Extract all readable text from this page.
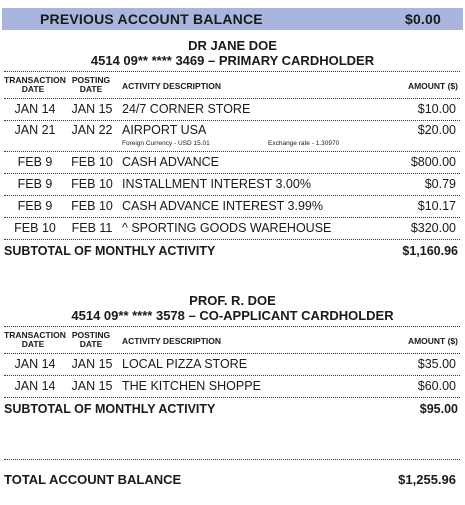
PREVIOUS ACCOUNT BALANCE	$0.00
DR JANE DOE
4514 09** **** 3469 – PRIMARY CARDHOLDER
TRANSACTION
DATE
POSTING
DATE	ACTIVITY DESCRIPTION	AMOUNT ($)
JAN 14	JAN 15 24/7 CORNER STORE	$10.00
JAN 21	JAN 22 AIRPORT USA	$20.00
Foreign Currency - USD 15.01	Exchange rate - 1.30970
FEB 9	FEB 10 CASH ADVANCE	$800.00
FEB 9	FEB 10 INSTALLMENT INTEREST 3.00%	$0.79
FEB 9	FEB 10 CASH ADVANCE INTEREST 3.99%	$10.17
FEB 10	FEB 11 ^ SPORTING GOODS WAREHOUSE	$320.00
SUBTOTAL OF MONTHLY ACTIVITY	$1,160.96
PROF. R. DOE
4514 09** **** 3578 – CO-APPLICANT CARDHOLDER
TRANSACTION
DATE
POSTING
DATE	ACTIVITY DESCRIPTION	AMOUNT ($)
JAN 14	JAN 15 LOCAL PIZZA STORE	$35.00
JAN 14	JAN 15 THE KITCHEN SHOPPE	$60.00
SUBTOTAL OF MONTHLY ACTIVITY	$95.00
TOTAL ACCOUNT BALANCE	$1,255.96
